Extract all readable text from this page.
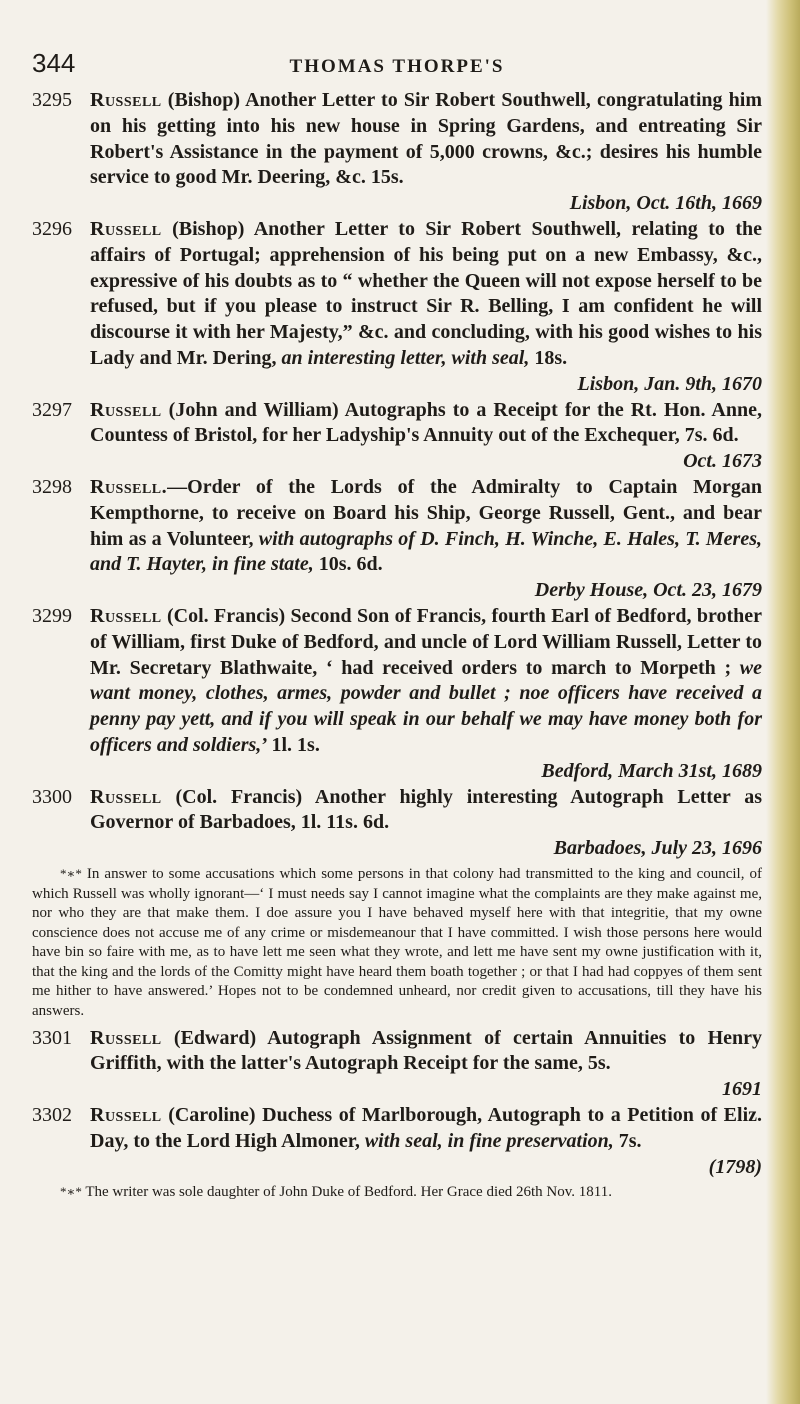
344	THOMAS THORPE'S
3295 Russell (Bishop) Another Letter to Sir Robert Southwell, congratulating him on his getting into his new house in Spring Gardens, and entreating Sir Robert's Assistance in the payment of 5,000 crowns, &c.; desires his humble service to good Mr. Deering, &c. 15s.

Lisbon, Oct. 16th, 1669

3296 Russell (Bishop) Another Letter to Sir Robert Southwell, relating to the affairs of Portugal; apprehension of his being put on a new Embassy, &c., expressive of his doubts as to “ whether the Queen will not expose herself to be refused, but if you please to instruct Sir R. Belling, I am confident he will discourse it with her Majesty,” &c. and concluding, with his good wishes to his Lady and Mr. Dering, an interesting letter, with seal, 18s.

Lisbon, Jan. 9th, 1670

3297 Russell (John and William) Autographs to a Receipt for the Rt. Hon. Anne, Countess of Bristol, for her Ladyship's Annuity out of the Exchequer, 7s. 6d.

Oct. 1673

3298 Russell.—Order of the Lords of the Admiralty to Captain Morgan Kempthorne, to receive on Board his Ship, George Russell, Gent., and bear him as a Volunteer, with autographs of D. Finch, H. Winche, E. Hales, T. Meres, and T. Hayter, in fine state, 10s. 6d.

Derby House, Oct. 23, 1679

3299 Russell (Col. Francis) Second Son of Francis, fourth Earl of Bedford, brother of William, first Duke of Bedford, and uncle of Lord William Russell, Letter to Mr. Secretary Blathwaite, ‘ had received orders to march to Morpeth ; we want money, clothes, armes, powder and bullet ; noe officers have received a penny pay yett, and if you will speak in our behalf we may have money both for officers and soldiers,’ 1l. 1s.

Bedford, March 31st, 1689

3300 Russell (Col. Francis) Another highly interesting Autograph Letter as Governor of Barbadoes, 1l. 11s. 6d.

Barbadoes, July 23, 1696

*∗* In answer to some accusations which some persons in that colony had transmitted to the king and council, of which Russell was wholly ignorant—‘ I must needs say I cannot imagine what the complaints are they make against me, nor who they are that make them. I doe assure you I have behaved myself here with that integritie, that my owne conscience does not accuse me of any crime or misdemeanour that I have committed. I wish those persons here would have bin so faire with me, as to have lett me seen what they wrote, and lett me have sent my owne justification with it, that the king and the lords of the Comitty might have heard them boath together ; or that I had had coppyes of them sent me hither to have answered.’ Hopes not to be condemned unheard, nor credit given to accusations, till they have his answers.

3301 Russell (Edward) Autograph Assignment of certain Annuities to Henry Griffith, with the latter's Autograph Receipt for the same, 5s.

1691

3302 Russell (Caroline) Duchess of Marlborough, Autograph to a Petition of Eliz. Day, to the Lord High Almoner, with seal, in fine preservation, 7s.

(1798)

*∗* The writer was sole daughter of John Duke of Bedford. Her Grace died 26th Nov. 1811.
